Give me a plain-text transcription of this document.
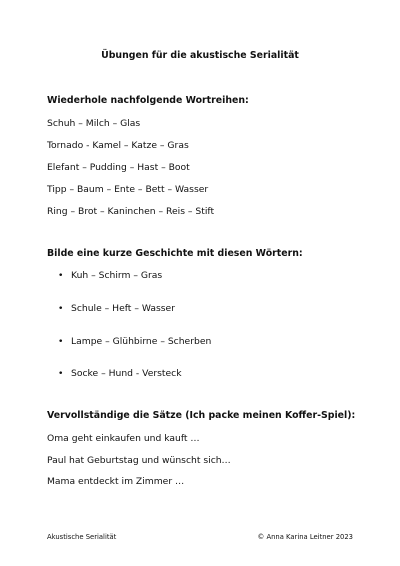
Übungen für die akustische Serialität
Wiederhole nachfolgende Wortreihen:
Schuh – Milch – Glas
Tornado - Kamel – Katze – Gras
Elefant – Pudding – Hast – Boot
Tipp – Baum – Ente – Bett – Wasser
Ring – Brot – Kaninchen – Reis – Stift
Bilde eine kurze Geschichte mit diesen Wörtern:
• Kuh – Schirm – Gras
• Schule – Heft – Wasser
• Lampe – Glühbirne – Scherben
• Socke – Hund - Versteck
Vervollständige die Sätze (Ich packe meinen Koffer-Spiel):
Oma geht einkaufen und kauft …
Paul hat Geburtstag und wünscht sich…
Mama entdeckt im Zimmer …
Akustische Serialität	© Anna Karina Leitner 2023
